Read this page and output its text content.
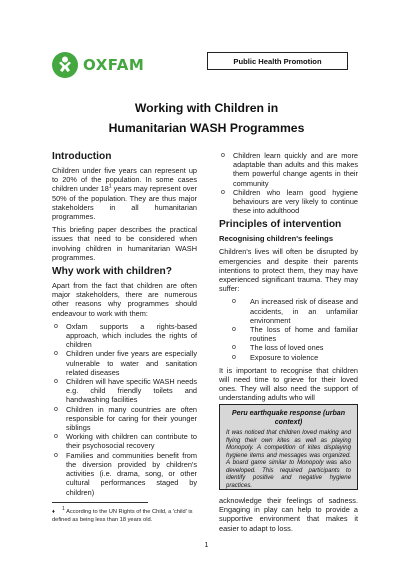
OXFAM	Public Health Promotion
Working with Children in
Humanitarian WASH Programmes
Introduction

Children under five years can represent up to 20% of the population. In some cases children under $18^1$ years may represent over 50% of the population. They are thus major stakeholders in all humanitarian programmes.

This briefing paper describes the practical issues that need to be considered when involving children in humanitarian WASH programmes.

Why work with children?

Apart from the fact that children are often major stakeholders, there are numerous other reasons why programmes should endeavour to work with them:

o Oxfam supports a rights-based approach, which includes the rights of children
o Children under five years are especially vulnerable to water and sanitation related diseases
o Children will have specific WASH needs e.g. child friendly toilets and handwashing facilities
o Children in many countries are often responsible for caring for their younger siblings
o Working with children can contribute to their psychosocial recovery
o Families and communities benefit from the diversion provided by children's activities (i.e. drama, song, or other cultural performances staged by children)
o Children learn quickly and are more adaptable than adults and this makes them powerful change agents in their community
o Children who learn good hygiene behaviours are very likely to continue these into adulthood
Principles of intervention
Recognising children's feelings

Children's lives will often be disrupted by emergencies and despite their parents intentions to protect them, they may have experienced significant trauma. They may suffer:

o An increased risk of disease and accidents, in an unfamiliar environment
o The loss of home and familiar routines
o The loss of loved ones
o Exposure to violence

It is important to recognise that children will need time to grieve for their loved ones. They will also need the support of understanding adults who will

Peru earthquake response (urban context)
It was noticed that children loved making and flying their own kites as well as playing Monopoly. A competition of kites displaying hygiene items and messages was organized. A board game similar to Monopoly was also developed. This required participants to identify positive and negative hygiene practices.
acknowledge their feelings of sadness. Engaging in play can help to provide a supportive environment that makes it easier to adapt to loss.
♦ $^1$ According to the UN Rights of the Child, a 'child' is defined as being less than 18 years old.
1
